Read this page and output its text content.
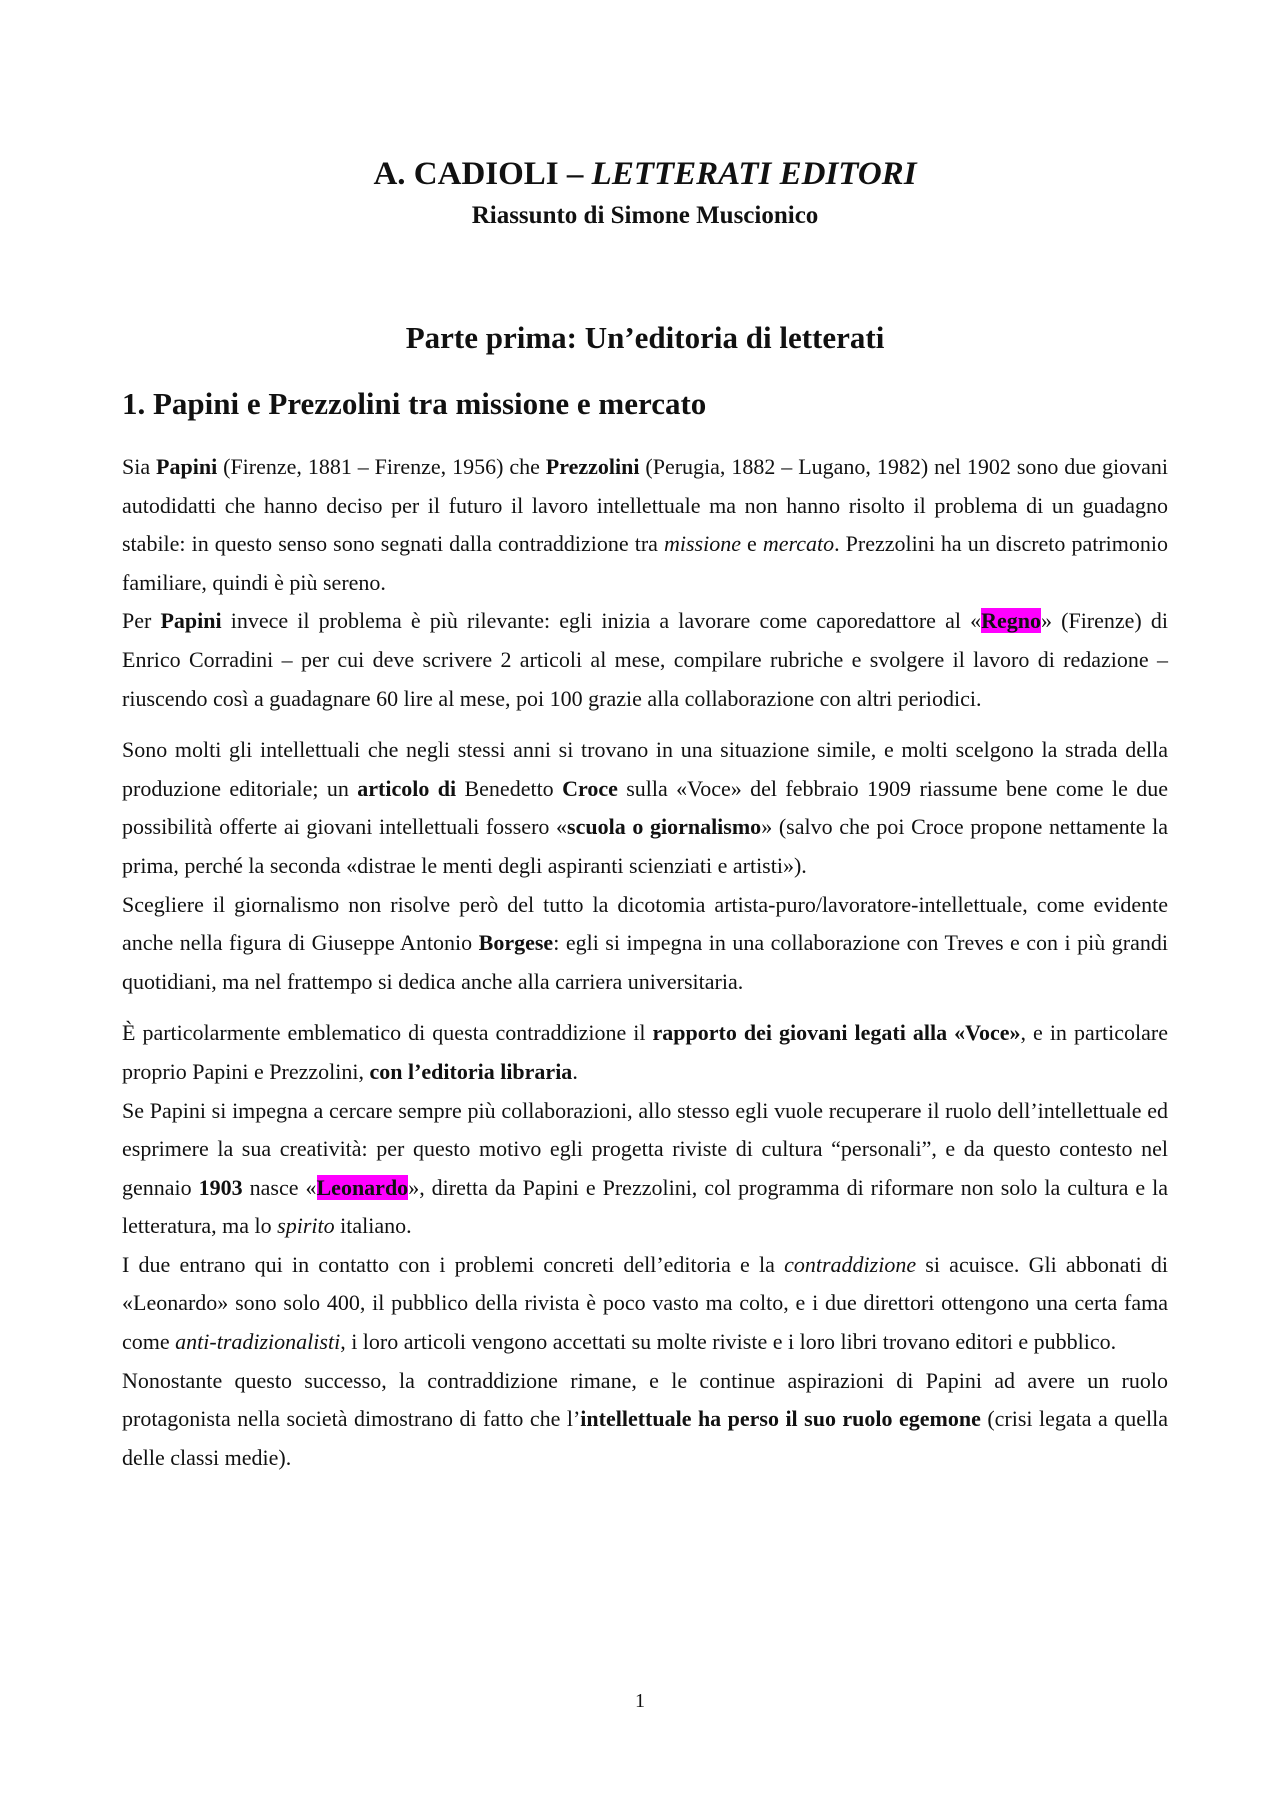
A. CADIOLI – LETTERATI EDITORI
Riassunto di Simone Muscionico
Parte prima: Un’editoria di letterati
1. Papini e Prezzolini tra missione e mercato

Sia Papini (Firenze, 1881 – Firenze, 1956) che Prezzolini (Perugia, 1882 – Lugano, 1982) nel 1902 sono due giovani autodidatti che hanno deciso per il futuro il lavoro intellettuale ma non hanno risolto il problema di un guadagno stabile: in questo senso sono segnati dalla contraddizione tra missione e mercato. Prezzolini ha un discreto patrimonio familiare, quindi è più sereno.

Per Papini invece il problema è più rilevante: egli inizia a lavorare come caporedattore al «Regno» (Firenze) di Enrico Corradini – per cui deve scrivere 2 articoli al mese, compilare rubriche e svolgere il lavoro di redazione – riuscendo così a guadagnare 60 lire al mese, poi 100 grazie alla collaborazione con altri periodici.

Sono molti gli intellettuali che negli stessi anni si trovano in una situazione simile, e molti scelgono la strada della produzione editoriale; un articolo di Benedetto Croce sulla «Voce» del febbraio 1909 riassume bene come le due possibilità offerte ai giovani intellettuali fossero «scuola o giornalismo» (salvo che poi Croce propone nettamente la prima, perché la seconda «distrae le menti degli aspiranti scienziati e artisti»).

Scegliere il giornalismo non risolve però del tutto la dicotomia artista-puro/lavoratore-intellettuale, come evidente anche nella figura di Giuseppe Antonio Borgese: egli si impegna in una collaborazione con Treves e con i più grandi quotidiani, ma nel frattempo si dedica anche alla carriera universitaria.

È particolarmente emblematico di questa contraddizione il rapporto dei giovani legati alla «Voce», e in particolare proprio Papini e Prezzolini, con l’editoria libraria.

Se Papini si impegna a cercare sempre più collaborazioni, allo stesso egli vuole recuperare il ruolo dell’intellettuale ed esprimere la sua creatività: per questo motivo egli progetta riviste di cultura “personali”, e da questo contesto nel gennaio 1903 nasce «Leonardo», diretta da Papini e Prezzolini, col programma di riformare non solo la cultura e la letteratura, ma lo spirito italiano.

I due entrano qui in contatto con i problemi concreti dell’editoria e la contraddizione si acuisce. Gli abbonati di «Leonardo» sono solo 400, il pubblico della rivista è poco vasto ma colto, e i due direttori ottengono una certa fama come anti-tradizionalisti, i loro articoli vengono accettati su molte riviste e i loro libri trovano editori e pubblico.

Nonostante questo successo, la contraddizione rimane, e le continue aspirazioni di Papini ad avere un ruolo protagonista nella società dimostrano di fatto che l’intellettuale ha perso il suo ruolo egemone (crisi legata a quella delle classi medie).

1
